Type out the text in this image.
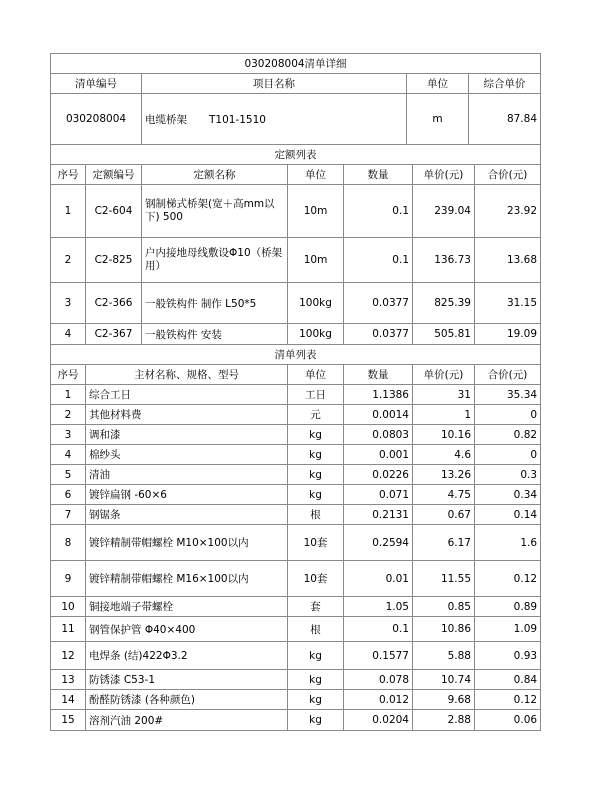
030208004清单详细			
清单编号	项目名称	单位	综合单价
030208004	电缆桥架 T101-1510	m	87.84
定额列表						
序号	定额编号	定额名称	单位	数量	单价(元)	合价(元)
1	C2-604	钢制梯式桥架(宽＋高mm以下) 500	10m	0.1	239.04	23.92
2	C2-825	户内接地母线敷设Φ10（桥架用）	10m	0.1	136.73	13.68
3	C2-366	一般铁构件 制作 L50*5	100kg	0.0377	825.39	31.15
4	C2-367	一般铁构件 安装	100kg	0.0377	505.81	19.09
清单列表					
序号	主材名称、规格、型号	单位	数量	单价(元)	合价(元)
1	综合工日	工日	1.1386	31	35.34
2	其他材料费	元	0.0014	1	0
3	调和漆	kg	0.0803	10.16	0.82
4	棉纱头	kg	0.001	4.6	0
5	清油	kg	0.0226	13.26	0.3
6	镀锌扁钢 -60×6	kg	0.071	4.75	0.34
7	钢锯条	根	0.2131	0.67	0.14
8	镀锌精制带帽螺栓 M10×100以内	10套	0.2594	6.17	1.6
9	镀锌精制带帽螺栓 M16×100以内	10套	0.01	11.55	0.12
10	铜接地端子带螺栓	套	1.05	0.85	0.89
11	钢管保护管 Φ40×400	根	0.1	10.86	1.09
12	电焊条 (结)422Φ3.2	kg	0.1577	5.88	0.93
13	防锈漆 C53-1	kg	0.078	10.74	0.84
14	酚醛防锈漆 (各种颜色)	kg	0.012	9.68	0.12
15	溶剂汽油 200#	kg	0.0204	2.88	0.06
